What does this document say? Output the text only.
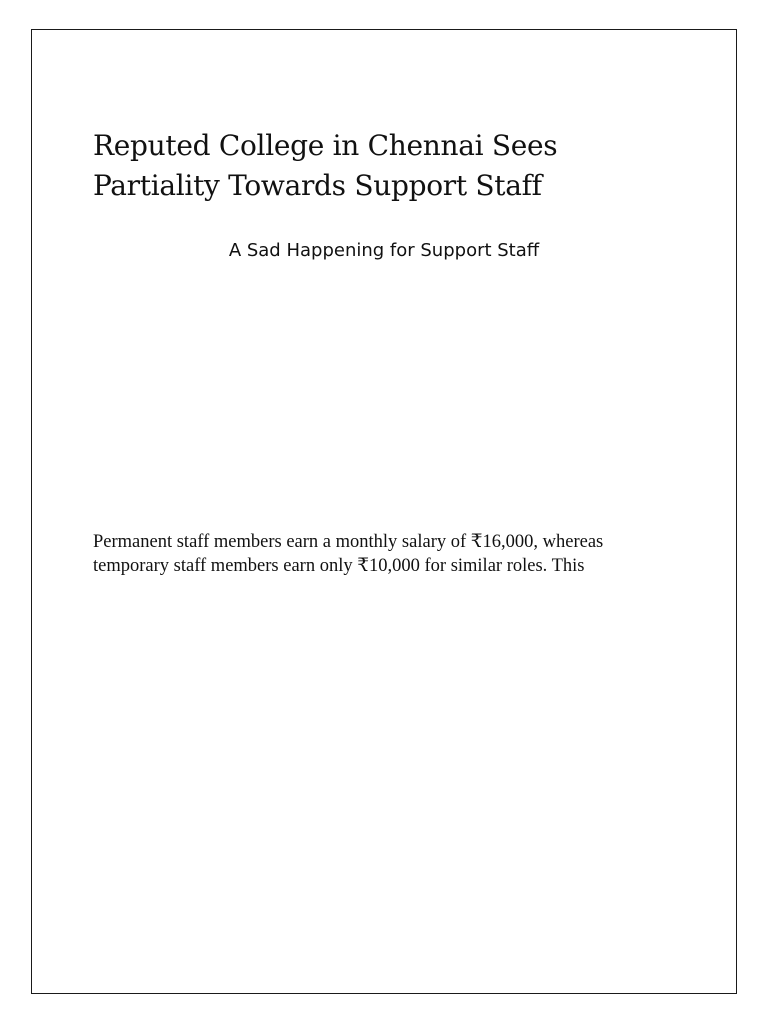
Reputed College in Chennai Sees
Partiality Towards Support Staff

A Sad Happening for Support Staff

Permanent staff members earn a monthly salary of ₹16,000, whereas
temporary staff members earn only ₹10,000 for similar roles. This
